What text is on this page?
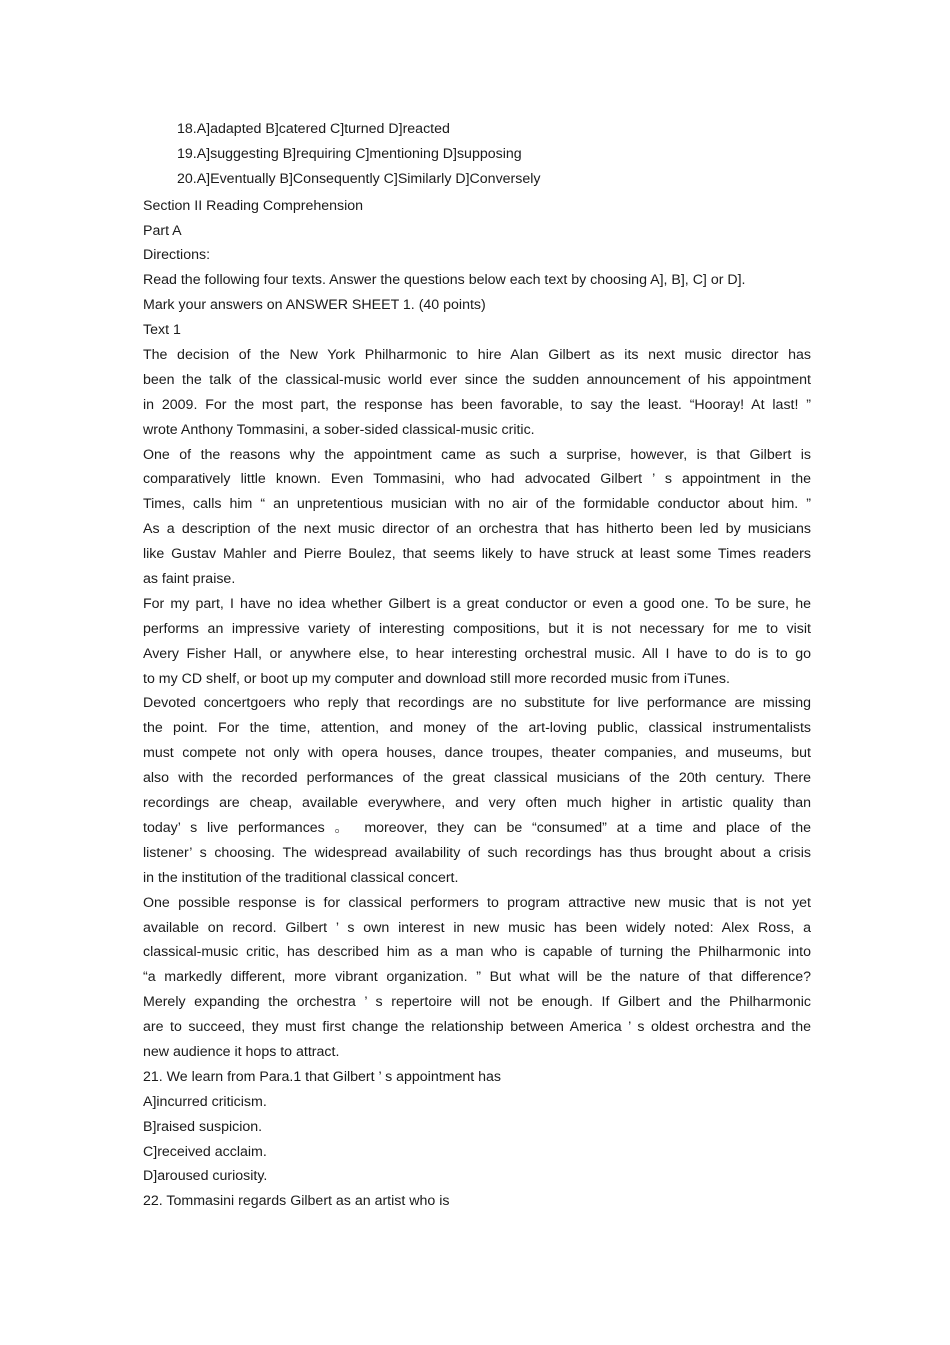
18.A]adapted B]catered C]turned D]reacted
19.A]suggesting B]requiring C]mentioning D]supposing
20.A]Eventually B]Consequently C]Similarly D]Conversely
Section II Reading Comprehension
Part A
Directions:
Read the following four texts. Answer the questions below each text by choosing A], B], C] or D].
Mark your answers on ANSWER SHEET 1. (40 points)
Text 1
The decision of the New York Philharmonic to hire Alan Gilbert as its next music director has
been the talk of the classical-music world ever since the sudden announcement of his appointment
in 2009. For the most part, the response has been favorable, to say the least. “Hooray! At last! ”
wrote Anthony Tommasini, a sober-sided classical-music critic.
One of the reasons why the appointment came as such a surprise, however, is that Gilbert is
comparatively little known. Even Tommasini, who had advocated Gilbert ’ s appointment in the
Times, calls him “ an unpretentious musician with no air of the formidable conductor about him. ”
As a description of the next music director of an orchestra that has hitherto been led by musicians
like Gustav Mahler and Pierre Boulez, that seems likely to have struck at least some Times readers
as faint praise.
For my part, I have no idea whether Gilbert is a great conductor or even a good one. To be sure, he
performs an impressive variety of interesting compositions, but it is not necessary for me to visit
Avery Fisher Hall, or anywhere else, to hear interesting orchestral music. All I have to do is to go
to my CD shelf, or boot up my computer and download still more recorded music from iTunes.
Devoted concertgoers who reply that recordings are no substitute for live performance are missing
the point. For the time, attention, and money of the art-loving public, classical instrumentalists
must compete not only with opera houses, dance troupes, theater companies, and museums, but
also with the recorded performances of the great classical musicians of the 20th century. There
recordings are cheap, available everywhere, and very often much higher in artistic quality than
today’ s live performances 。 moreover, they can be “consumed” at a time and place of the
listener’ s choosing. The widespread availability of such recordings has thus brought about a crisis
in the institution of the traditional classical concert.
One possible response is for classical performers to program attractive new music that is not yet
available on record. Gilbert ’ s own interest in new music has been widely noted: Alex Ross, a
classical-music critic, has described him as a man who is capable of turning the Philharmonic into
“a markedly different, more vibrant organization. ” But what will be the nature of that difference?
Merely expanding the orchestra ’ s repertoire will not be enough. If Gilbert and the Philharmonic
are to succeed, they must first change the relationship between America ’ s oldest orchestra and the
new audience it hops to attract.
21. We learn from Para.1 that Gilbert ’ s appointment has
A]incurred criticism.
B]raised suspicion.
C]received acclaim.
D]aroused curiosity.
22. Tommasini regards Gilbert as an artist who is
